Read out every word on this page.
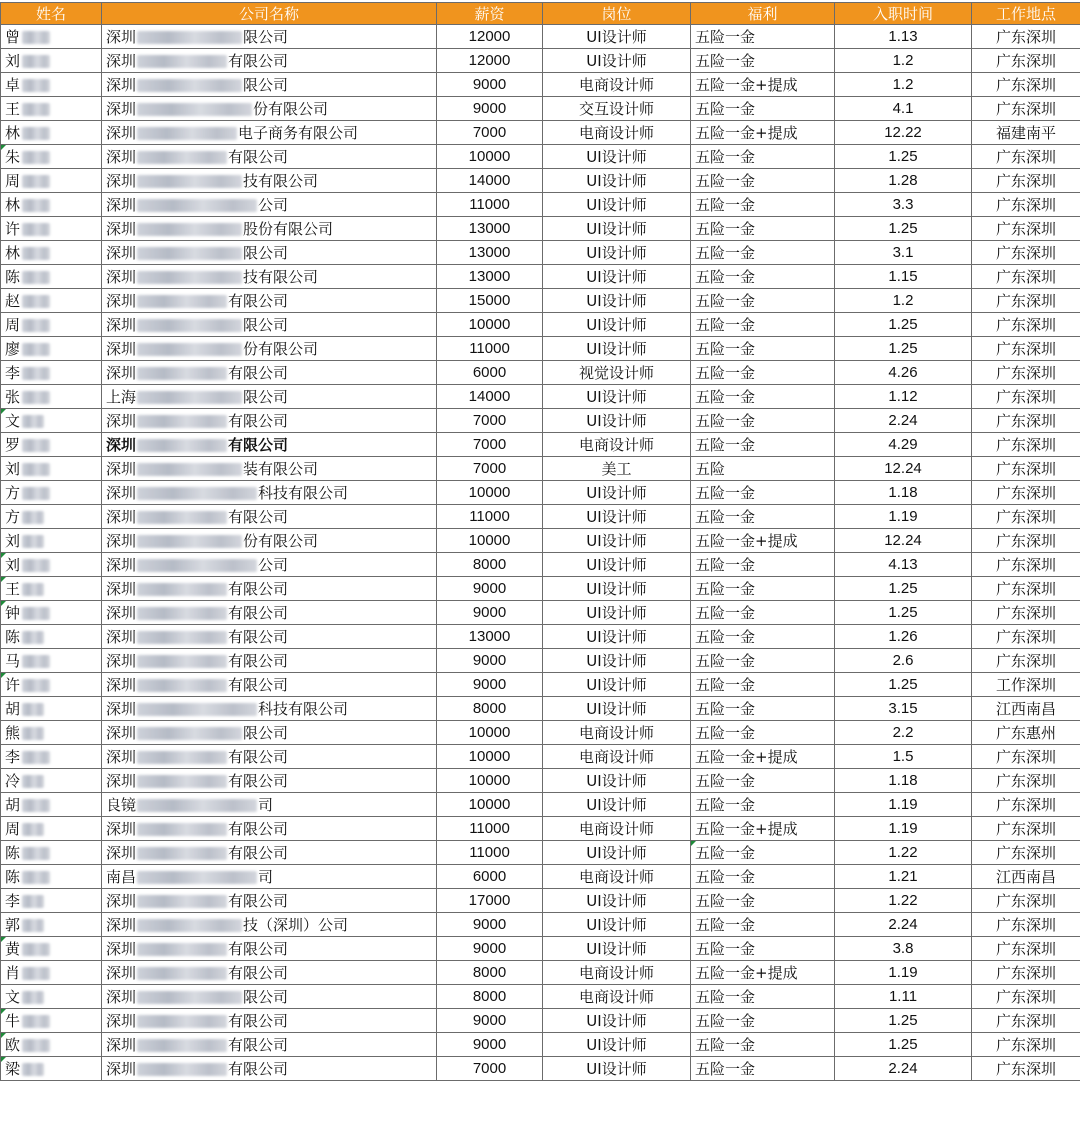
姓名	公司名称	薪资	岗位	福利	入职时间	工作地点
曾	深圳 限公司	12000	UI设计师	五险一金	1.13	广东深圳
刘	深圳 有限公司	12000	UI设计师	五险一金	1.2	广东深圳
卓	深圳 限公司	9000	电商设计师	五险一金+提成	1.2	广东深圳
王	深圳 份有限公司	9000	交互设计师	五险一金	4.1	广东深圳
林	深圳 电子商务有限公司	7000	电商设计师	五险一金+提成	12.22	福建南平
朱	深圳 有限公司	10000	UI设计师	五险一金	1.25	广东深圳
周	深圳 技有限公司	14000	UI设计师	五险一金	1.28	广东深圳
林	深圳 公司	11000	UI设计师	五险一金	3.3	广东深圳
许	深圳 股份有限公司	13000	UI设计师	五险一金	1.25	广东深圳
林	深圳 限公司	13000	UI设计师	五险一金	3.1	广东深圳
陈	深圳 技有限公司	13000	UI设计师	五险一金	1.15	广东深圳
赵	深圳 有限公司	15000	UI设计师	五险一金	1.2	广东深圳
周	深圳 限公司	10000	UI设计师	五险一金	1.25	广东深圳
廖	深圳 份有限公司	11000	UI设计师	五险一金	1.25	广东深圳
李	深圳 有限公司	6000	视觉设计师	五险一金	4.26	广东深圳
张	上海 限公司	14000	UI设计师	五险一金	1.12	广东深圳
文	深圳 有限公司	7000	UI设计师	五险一金	2.24	广东深圳
罗	深圳 有限公司	7000	电商设计师	五险一金	4.29	广东深圳
刘	深圳 装有限公司	7000	美工	五险	12.24	广东深圳
方	深圳 科技有限公司	10000	UI设计师	五险一金	1.18	广东深圳
方	深圳 有限公司	11000	UI设计师	五险一金	1.19	广东深圳
刘	深圳 份有限公司	10000	UI设计师	五险一金+提成	12.24	广东深圳
刘	深圳 公司	8000	UI设计师	五险一金	4.13	广东深圳
王	深圳 有限公司	9000	UI设计师	五险一金	1.25	广东深圳
钟	深圳 有限公司	9000	UI设计师	五险一金	1.25	广东深圳
陈	深圳 有限公司	13000	UI设计师	五险一金	1.26	广东深圳
马	深圳 有限公司	9000	UI设计师	五险一金	2.6	广东深圳
许	深圳 有限公司	9000	UI设计师	五险一金	1.25	工作深圳
胡	深圳 科技有限公司	8000	UI设计师	五险一金	3.15	江西南昌
熊	深圳 限公司	10000	电商设计师	五险一金	2.2	广东惠州
李	深圳 有限公司	10000	电商设计师	五险一金+提成	1.5	广东深圳
冷	深圳 有限公司	10000	UI设计师	五险一金	1.18	广东深圳
胡	良镜 司	10000	UI设计师	五险一金	1.19	广东深圳
周	深圳 有限公司	11000	电商设计师	五险一金+提成	1.19	广东深圳
陈	深圳 有限公司	11000	UI设计师	五险一金	1.22	广东深圳
陈	南昌 司	6000	电商设计师	五险一金	1.21	江西南昌
李	深圳 有限公司	17000	UI设计师	五险一金	1.22	广东深圳
郭	深圳 技（深圳）公司	9000	UI设计师	五险一金	2.24	广东深圳
黄	深圳 有限公司	9000	UI设计师	五险一金	3.8	广东深圳
肖	深圳 有限公司	8000	电商设计师	五险一金+提成	1.19	广东深圳
文	深圳 限公司	8000	电商设计师	五险一金	1.11	广东深圳
牛	深圳 有限公司	9000	UI设计师	五险一金	1.25	广东深圳
欧	深圳 有限公司	9000	UI设计师	五险一金	1.25	广东深圳
梁	深圳 有限公司	7000	UI设计师	五险一金	2.24	广东深圳
